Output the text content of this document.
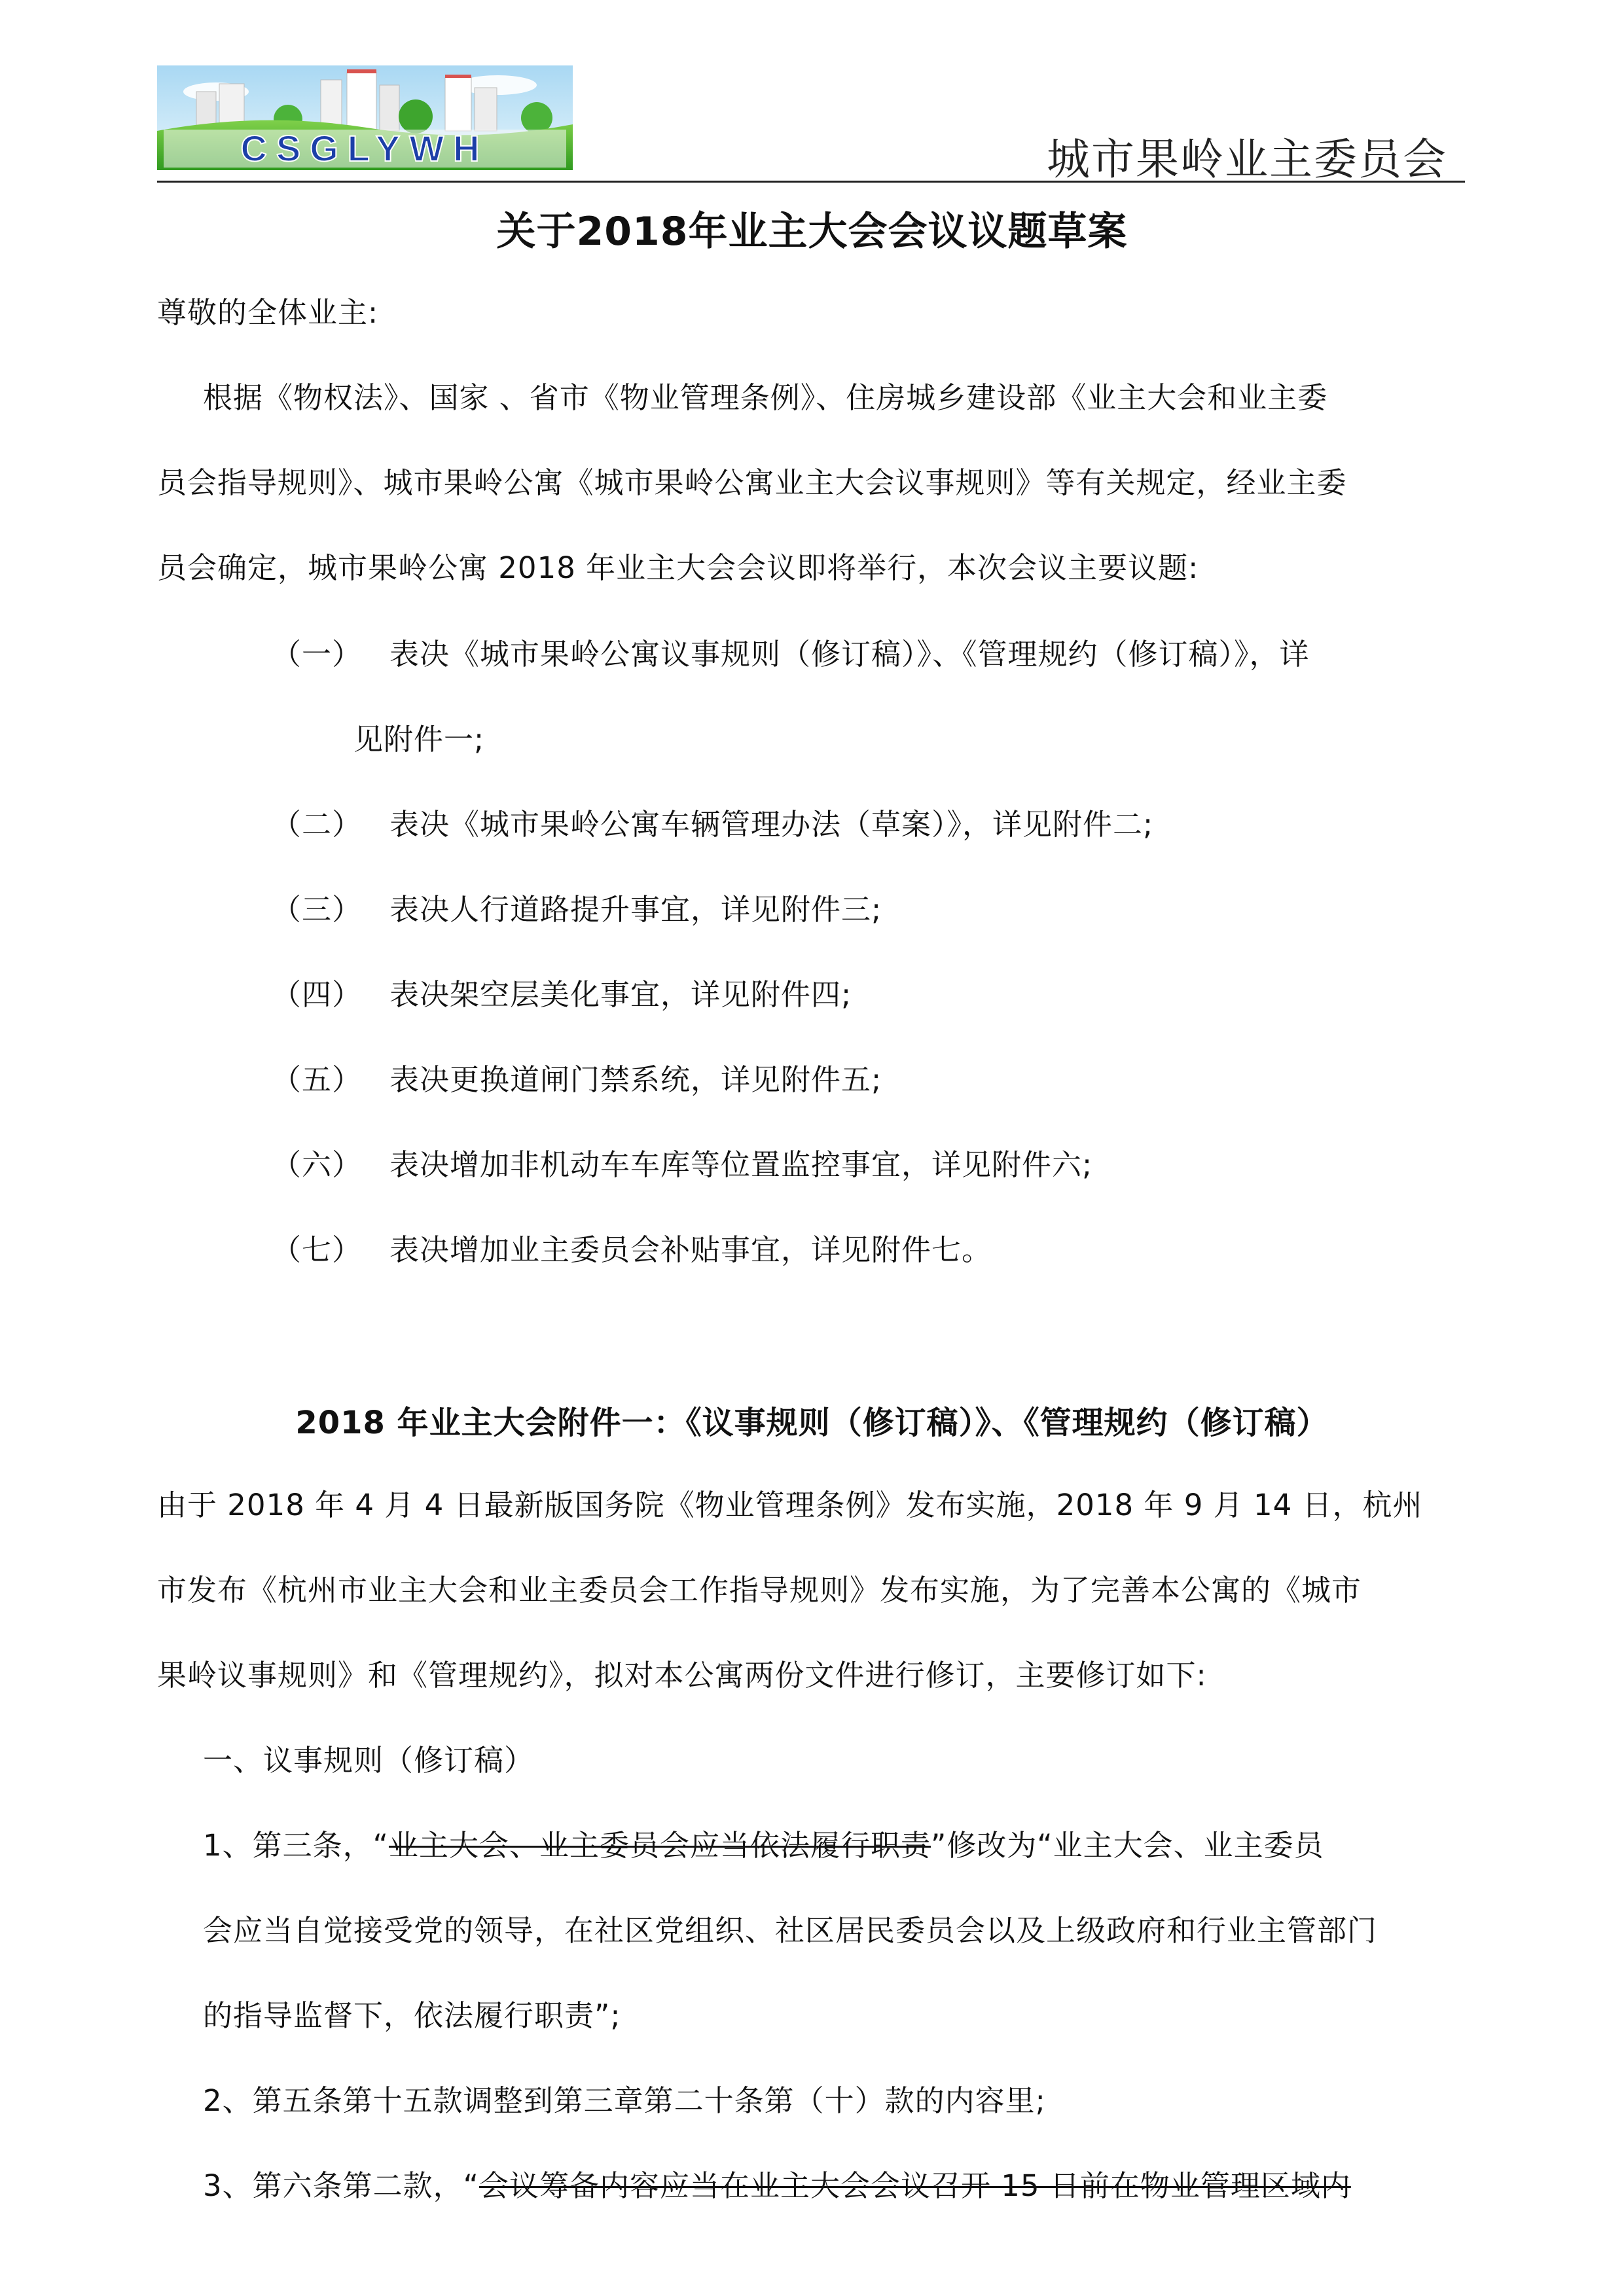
CSGLYWH	城市果岭业主委员会
关于2018年业主大会会议议题草案
尊敬的全体业主:
根据《物权法》、国家 、省市《物业管理条例》、住房城乡建设部《业主大会和业主委
员会指导规则》、城市果岭公寓《城市果岭公寓业主大会议事规则》等有关规定，经业主委
员会确定，城市果岭公寓 2018 年业主大会会议即将举行，本次会议主要议题:
（一） 表决《城市果岭公寓议事规则（修订稿）》、《管理规约（修订稿）》，详
见附件一;
（二） 表决《城市果岭公寓车辆管理办法（草案）》，详见附件二;
（三） 表决人行道路提升事宜，详见附件三;
（四） 表决架空层美化事宜，详见附件四;
（五） 表决更换道闸门禁系统，详见附件五;
（六） 表决增加非机动车车库等位置监控事宜，详见附件六;
（七） 表决增加业主委员会补贴事宜，详见附件七。
2018 年业主大会附件一：《议事规则（修订稿）》、《管理规约（修订稿）
由于 2018 年 4 月 4 日最新版国务院《物业管理条例》发布实施，2018 年 9 月 14 日，杭州
市发布《杭州市业主大会和业主委员会工作指导规则》发布实施，为了完善本公寓的《城市
果岭议事规则》和《管理规约》，拟对本公寓两份文件进行修订，主要修订如下:
一、议事规则（修订稿）
1、第三条，“业主大会、业主委员会应当依法履行职责”修改为“业主大会、业主委员
会应当自觉接受党的领导，在社区党组织、社区居民委员会以及上级政府和行业主管部门
的指导监督下，依法履行职责”;
2、第五条第十五款调整到第三章第二十条第（十）款的内容里;
3、第六条第二款，“会议筹备内容应当在业主大会会议召开 15 日前在物业管理区域内
